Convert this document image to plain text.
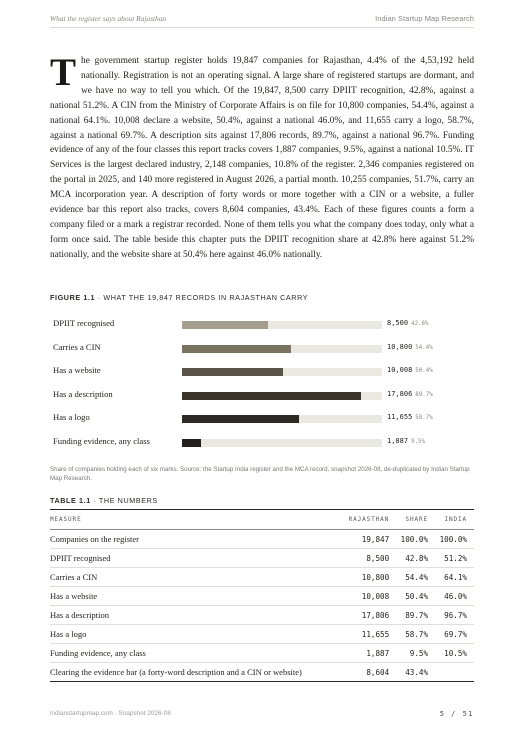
What the register says about Rajasthan	Indian Startup Map Research
T he government startup register holds 19,847 companies for Rajasthan, 4.4% of the 4,53,192 held nationally. Registration is not an operating signal. A large share of registered startups are dormant, and we have no way to tell you which. Of the 19,847, 8,500 carry DPIIT recognition, 42.8%, against a national 51.2%. A CIN from the Ministry of Corporate Affairs is on file for 10,800 companies, 54.4%, against a national 64.1%. 10,008 declare a website, 50.4%, against a national 46.0%, and 11,655 carry a logo, 58.7%, against a national 69.7%. A description sits against 17,806 records, 89.7%, against a national 96.7%. Funding evidence of any of the four classes this report tracks covers 1,887 companies, 9.5%, against a national 10.5%. IT Services is the largest declared industry, 2,148 companies, 10.8% of the register. 2,346 companies registered on the portal in 2025, and 140 more registered in August 2026, a partial month. 10,255 companies, 51.7%, carry an MCA incorporation year. A description of forty words or more together with a CIN or a website, a fuller evidence bar this report also tracks, covers 8,604 companies, 43.4%. Each of these figures counts a form a company filed or a mark a registrar recorded. None of them tells you what the company does today, only what a form once said. The table beside this chapter puts the DPIIT recognition share at 42.8% here against 51.2% nationally, and the website share at 50.4% here against 46.0% nationally.
FIGURE 1.1 · WHAT THE 19,847 RECORDS IN RAJASTHAN CARRY
DPIIT recognised	8,500 42.8%
Carries a CIN	10,800 54.4%
Has a website	10,008 50.4%
Has a description	17,806 89.7%
Has a logo	11,655 58.7%
Funding evidence, any class	1,887 9.5%
Share of companies holding each of six marks. Source: the Startup India register and the MCA record, snapshot 2026-08, de-duplicated by Indian Startup Map Research.
TABLE 1.1 · THE NUMBERS
MEASURE	RAJASTHAN	SHARE	INDIA
Companies on the register	19,847	100.0%	100.0%
DPIIT recognised	8,500	42.8%	51.2%
Carries a CIN	10,800	54.4%	64.1%
Has a website	10,008	50.4%	46.0%
Has a description	17,806	89.7%	96.7%
Has a logo	11,655	58.7%	69.7%
Funding evidence, any class	1,887	9.5%	10.5%
Clearing the evidence bar (a forty-word description and a CIN or website)	8,604	43.4%	
indianstartupmap.com · Snapshot 2026-08	5 / 51
